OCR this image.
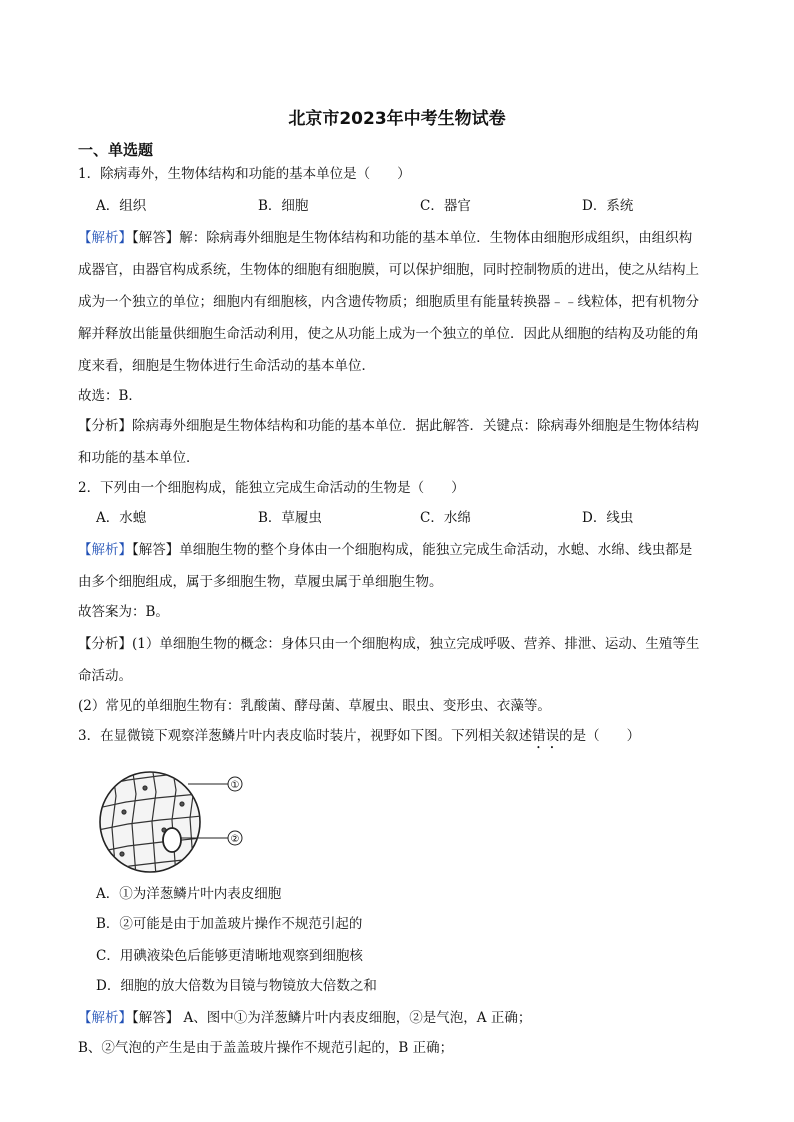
北京市2023年中考生物试卷
一、单选题
1．除病毒外，生物体结构和功能的基本单位是（　　）
A．组织	B．细胞	C．器官	D．系统
【解析】【解答】解：除病毒外细胞是生物体结构和功能的基本单位．生物体由细胞形成组织，由组织构
成器官，由器官构成系统，生物体的细胞有细胞膜，可以保护细胞，同时控制物质的进出，使之从结构上
成为一个独立的单位；细胞内有细胞核，内含遗传物质；细胞质里有能量转换器﹣﹣线粒体，把有机物分
解并释放出能量供细胞生命活动利用，使之从功能上成为一个独立的单位．因此从细胞的结构及功能的角
度来看，细胞是生物体进行生命活动的基本单位．
故选：B．
【分析】除病毒外细胞是生物体结构和功能的基本单位．据此解答．关键点：除病毒外细胞是生物体结构
和功能的基本单位．
2．下列由一个细胞构成，能独立完成生命活动的生物是（　　）
A．水螅	B．草履虫	C．水绵	D．线虫
【解析】【解答】单细胞生物的整个身体由一个细胞构成，能独立完成生命活动，水螅、水绵、线虫都是
由多个细胞组成，属于多细胞生物，草履虫属于单细胞生物。
故答案为：B。
【分析】(1）单细胞生物的概念：身体只由一个细胞构成，独立完成呼吸、营养、排泄、运动、生殖等生
命活动。
(2）常见的单细胞生物有：乳酸菌、酵母菌、草履虫、眼虫、变形虫、衣藻等。
3．在显微镜下观察洋葱鳞片叶内表皮临时装片，视野如下图。下列相关叙述错误的是（　　）
①
②
A．①为洋葱鳞片叶内表皮细胞
B．②可能是由于加盖玻片操作不规范引起的
C．用碘液染色后能够更清晰地观察到细胞核
D．细胞的放大倍数为目镜与物镜放大倍数之和
【解析】【解答】 A、图中①为洋葱鳞片叶内表皮细胞，②是气泡，A 正确；
B、②气泡的产生是由于盖盖玻片操作不规范引起的，B 正确；
